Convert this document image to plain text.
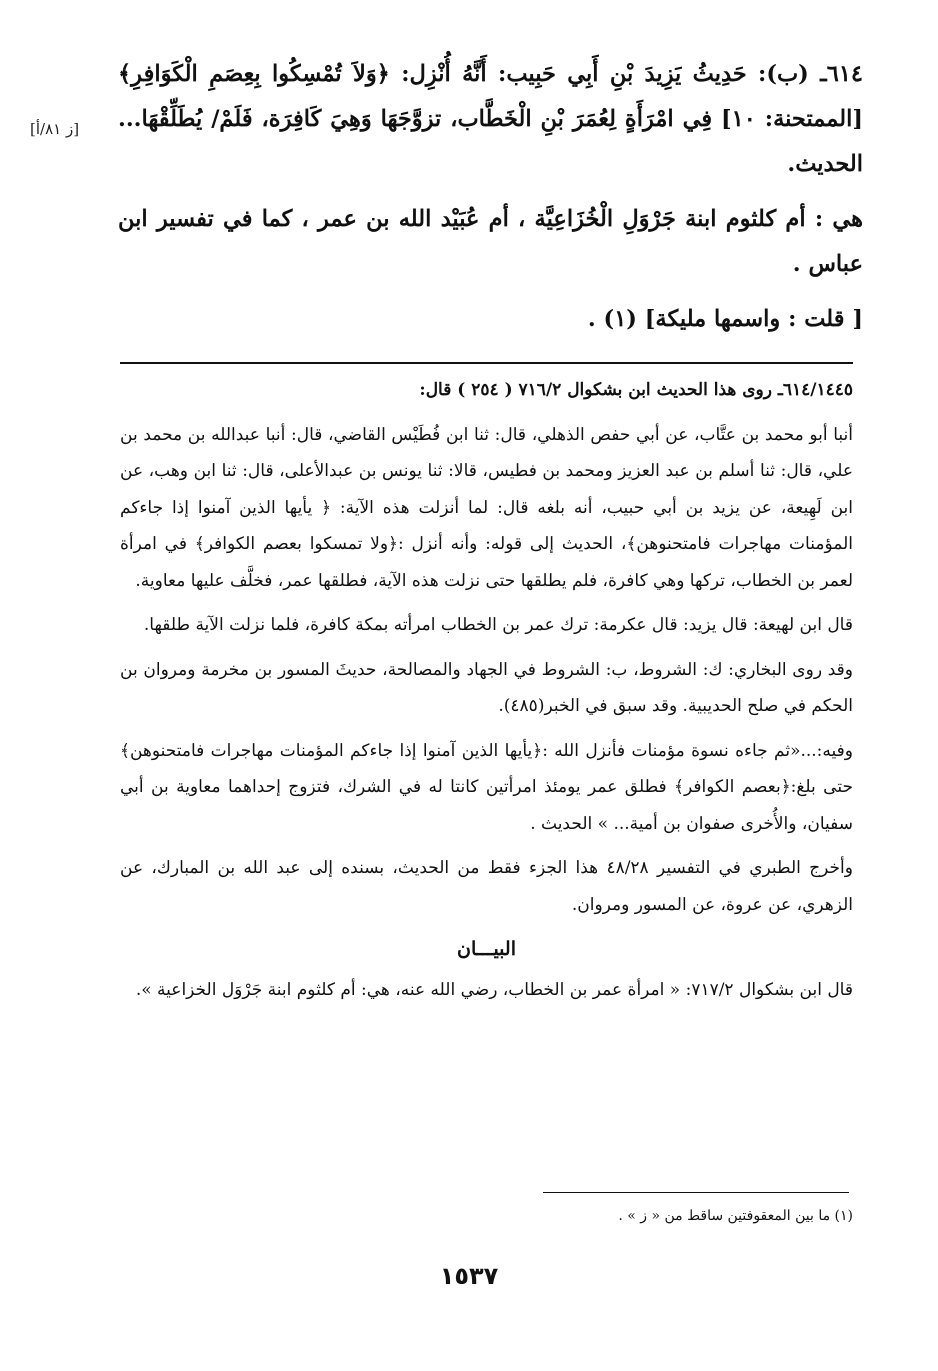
[ز ٨١/أ]

٦١٤ـ (ب): حَدِيثُ يَزِيدَ بْنِ أَبِي حَبِيب: أَنَّهُ أُنْزِل: ﴿وَلاَ تُمْسِكُوا بِعِصَمِ الْكَوَافِرِ﴾ [الممتحنة: ١٠] فِي امْرَأَةٍ لِعُمَرَ بْنِ الْخَطَّاب، تزوَّجَهَا وَهِيَ كَافِرَة، فَلَمْ/ يُطَلِّقْهَا... الحديث.

هي : أم كلثوم ابنة جَرْوَلِ الْخُزَاعِيَّة ، أم عُبَيْد الله بن عمر ، كما في تفسير ابن عباس .

[ قلت : واسمها مليكة] (١) .

٦١٤/١٤٤٥ـ روى هذا الحديث ابن بشكوال ٧١٦/٢ ( ٢٥٤ ) قال:

أنبا أبو محمد بن عتَّاب، عن أبي حفص الذهلي، قال: ثنا ابن فُطَيْس القاضي، قال: أنبا عبدالله بن محمد بن علي، قال: ثنا أسلم بن عبد العزيز ومحمد بن فطيس، قالا: ثنا يونس بن عبدالأعلى، قال: ثنا ابن وهب، عن ابن لَهِيعة، عن يزيد بن أبي حبيب، أنه بلغه قال: لما أنزلت هذه الآية: ﴿ يأيها الذين آمنوا إذا جاءكم المؤمنات مهاجرات فامتحنوهن﴾، الحديث إلى قوله: وأنه أنزل :﴿ولا تمسكوا بعصم الكوافر﴾ في امرأة لعمر بن الخطاب، تركها وهي كافرة، فلم يطلقها حتى نزلت هذه الآية، فطلقها عمر، فخلَّف عليها معاوية.

قال ابن لهيعة: قال يزيد: قال عكرمة: ترك عمر بن الخطاب امرأته بمكة كافرة، فلما نزلت الآية طلقها.

وقد روى البخاري: ك: الشروط، ب: الشروط في الجهاد والمصالحة، حديثَ المسور بن مخرمة ومروان بن الحكم في صلح الحديبية. وقد سبق في الخبر(٤٨٥).

وفيه:...«ثم جاءه نسوة مؤمنات فأنزل الله :﴿يأيها الذين آمنوا إذا جاءكم المؤمنات مهاجرات فامتحنوهن﴾حتى بلغ:﴿بعصم الكوافر﴾ فطلق عمر يومئذ امرأتين كانتا له في الشرك، فتزوج إحداهما معاوية بن أبي سفيان، والأُخرى صفوان بن أمية... » الحديث .

وأخرج الطبري في التفسير ٤٨/٢٨ هذا الجزء فقط من الحديث، بسنده إلى عبد الله بن المبارك، عن الزهري، عن عروة، عن المسور ومروان.

البيـــان

قال ابن بشكوال ٧١٧/٢: « امرأة عمر بن الخطاب، رضي الله عنه، هي: أم كلثوم ابنة جَرْوَل الخزاعية ».

(١) ما بين المعقوفتين ساقط من « ز » .
١٥٣٧
